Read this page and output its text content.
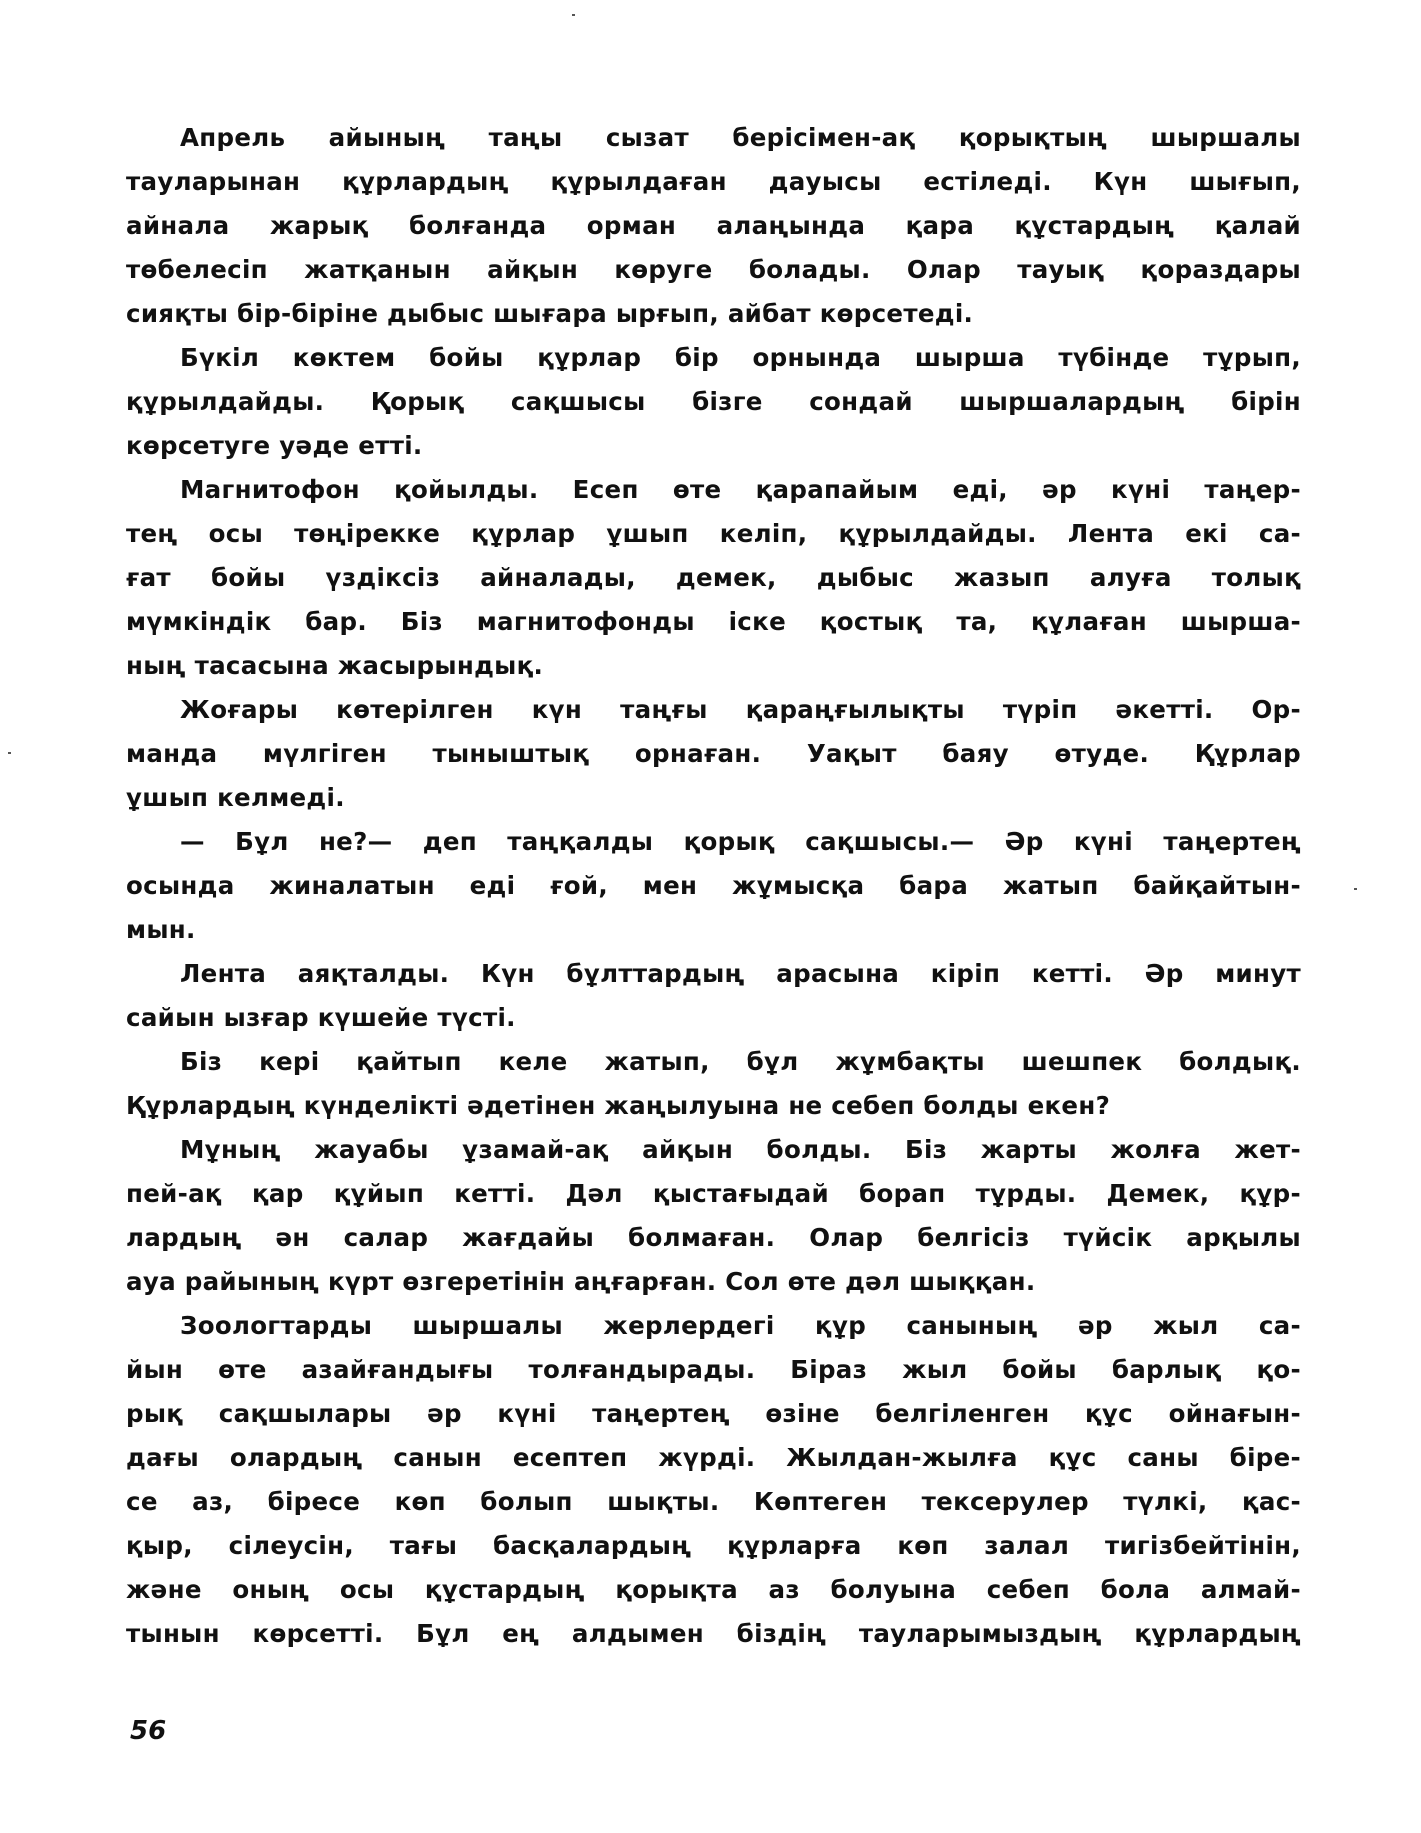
Апрель айының таңы сызат берісімен-ақ қорықтың шыршалы
тауларынан құрлардың құрылдаған дауысы естіледі. Күн шығып,
айнала жарық болғанда орман алаңында қара құстардың қалай
төбелесіп жатқанын айқын көруге болады. Олар тауық қораздары
сияқты бір-біріне дыбыс шығара ырғып, айбат көрсетеді.
Бүкіл көктем бойы құрлар бір орнында шырша түбінде тұрып,
құрылдайды. Қорық сақшысы бізге сондай шыршалардың бірін
көрсетуге уәде етті.
Магнитофон қойылды. Есеп өте қарапайым еді, әр күні таңер-
тең осы төңірекке құрлар ұшып келіп, құрылдайды. Лента екі са-
ғат бойы үздіксіз айналады, демек, дыбыс жазып алуға толық
мүмкіндік бар. Біз магнитофонды іске қостық та, құлаған шырша-
ның тасасына жасырындық.
Жоғары көтерілген күн таңғы қараңғылықты түріп әкетті. Ор-
манда мүлгіген тыныштық орнаған. Уақыт баяу өтуде. Құрлар
ұшып келмеді.
— Бұл не?— деп таңқалды қорық сақшысы.— Әр күні таңертең
осында жиналатын еді ғой, мен жұмысқа бара жатып байқайтын-
мын.
Лента аяқталды. Күн бұлттардың арасына кіріп кетті. Әр минут
сайын ызғар күшейе түсті.
Біз кері қайтып келе жатып, бұл жұмбақты шешпек болдық.
Құрлардың күнделікті әдетінен жаңылуына не себеп болды екен?
Мұның жауабы ұзамай-ақ айқын болды. Біз жарты жолға жет-
пей-ақ қар құйып кетті. Дәл қыстағыдай борап тұрды. Демек, құр-
лардың ән салар жағдайы болмаған. Олар белгісіз түйсік арқылы
ауа райының күрт өзгеретінін аңғарған. Сол өте дәл шыққан.
Зоологтарды шыршалы жерлердегі құр санының әр жыл са-
йын өте азайғандығы толғандырады. Біраз жыл бойы барлық қо-
рық сақшылары әр күні таңертең өзіне белгіленген құс ойнағын-
дағы олардың санын есептеп жүрді. Жылдан-жылға құс саны біре-
се аз, біресе көп болып шықты. Көптеген тексерулер түлкі, қас-
қыр, сілеусін, тағы басқалардың құрларға көп залал тигізбейтінін,
және оның осы құстардың қорықта аз болуына себеп бола алмай-
тынын көрсетті. Бұл ең алдымен біздің тауларымыздың құрлардың
56
